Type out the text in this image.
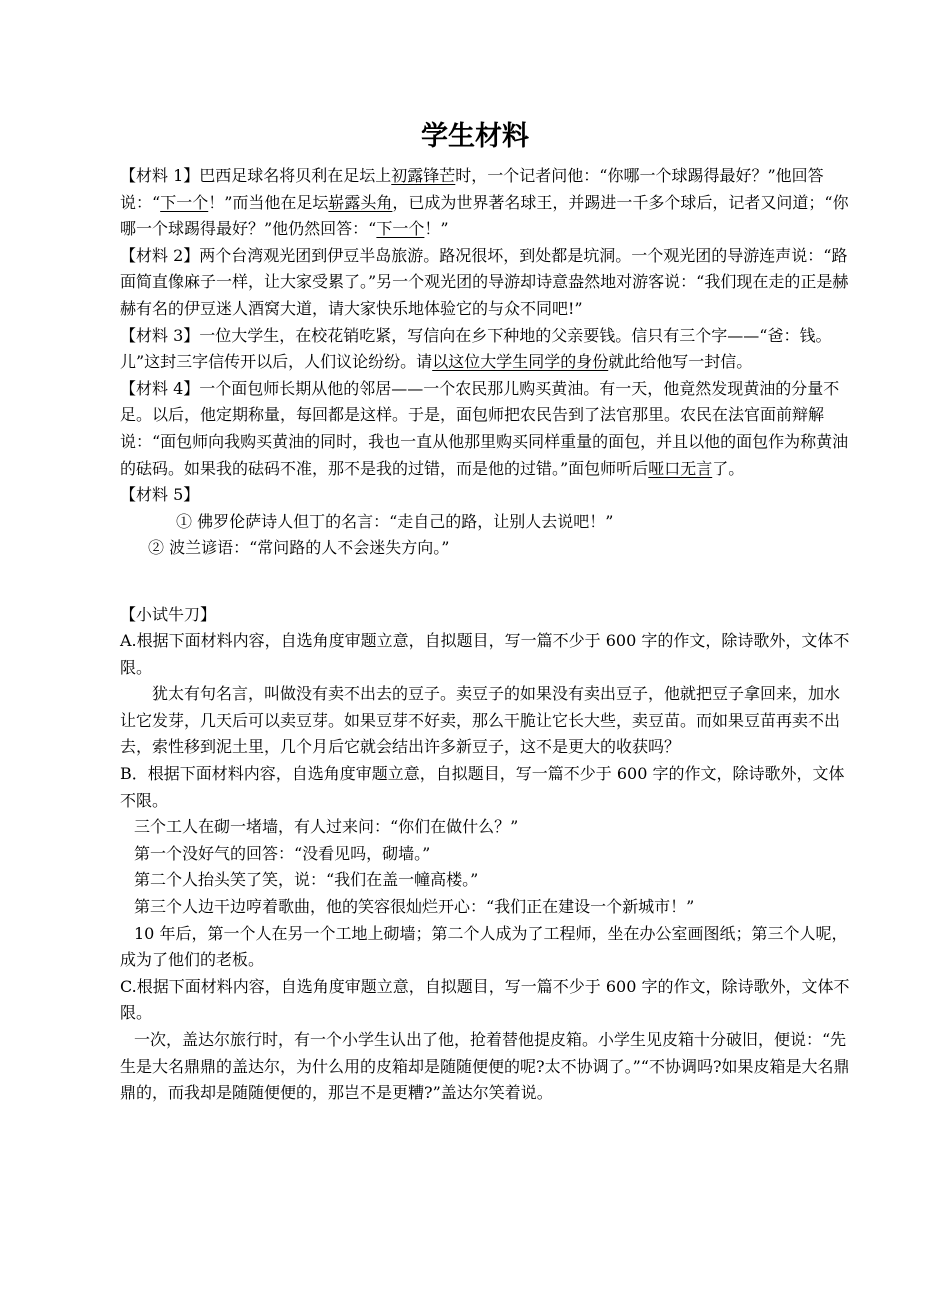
学生材料

【材料 1】巴西足球名将贝利在足坛上初露锋芒时，一个记者问他：“你哪一个球踢得最好？”他回答说：“下一个！”而当他在足坛崭露头角，已成为世界著名球王，并踢进一千多个球后，记者又问道；“你哪一个球踢得最好？”他仍然回答：“下一个！”

【材料 2】两个台湾观光团到伊豆半岛旅游。路况很坏，到处都是坑洞。一个观光团的导游连声说：“路面简直像麻子一样，让大家受累了。”另一个观光团的导游却诗意盎然地对游客说：“我们现在走的正是赫赫有名的伊豆迷人酒窝大道，请大家快乐地体验它的与众不同吧!”

【材料 3】一位大学生，在校花销吃紧，写信向在乡下种地的父亲要钱。信只有三个字——“爸：钱。儿”这封三字信传开以后，人们议论纷纷。请以这位大学生同学的身份就此给他写一封信。

【材料 4】一个面包师长期从他的邻居——一个农民那儿购买黄油。有一天，他竟然发现黄油的分量不足。以后，他定期称量，每回都是这样。于是，面包师把农民告到了法官那里。农民在法官面前辩解说：“面包师向我购买黄油的同时，我也一直从他那里购买同样重量的面包，并且以他的面包作为称黄油的砝码。如果我的砝码不准，那不是我的过错，而是他的过错。”面包师听后哑口无言了。

【材料 5】

① 佛罗伦萨诗人但丁的名言：“走自己的路，让别人去说吧！”

② 波兰谚语：“常问路的人不会迷失方向。”

【小试牛刀】

A.根据下面材料内容，自选角度审题立意，自拟题目，写一篇不少于 600 字的作文，除诗歌外，文体不限。

犹太有句名言，叫做没有卖不出去的豆子。卖豆子的如果没有卖出豆子，他就把豆子拿回来，加水让它发芽，几天后可以卖豆芽。如果豆芽不好卖，那么干脆让它长大些，卖豆苗。而如果豆苗再卖不出去，索性移到泥土里，几个月后它就会结出许多新豆子，这不是更大的收获吗？

B．根据下面材料内容，自选角度审题立意，自拟题目，写一篇不少于 600 字的作文，除诗歌外，文体不限。

三个工人在砌一堵墙，有人过来问：“你们在做什么？”

第一个没好气的回答：“没看见吗，砌墙。”

第二个人抬头笑了笑，说：“我们在盖一幢高楼。”

第三个人边干边哼着歌曲，他的笑容很灿烂开心：“我们正在建设一个新城市！”

10 年后，第一个人在另一个工地上砌墙；第二个人成为了工程师，坐在办公室画图纸；第三个人呢，成为了他们的老板。

C.根据下面材料内容，自选角度审题立意，自拟题目，写一篇不少于 600 字的作文，除诗歌外，文体不限。

一次，盖达尔旅行时，有一个小学生认出了他，抢着替他提皮箱。小学生见皮箱十分破旧，便说：“先生是大名鼎鼎的盖达尔，为什么用的皮箱却是随随便便的呢?太不协调了。”“不协调吗?如果皮箱是大名鼎鼎的，而我却是随随便便的，那岂不是更糟?”盖达尔笑着说。
